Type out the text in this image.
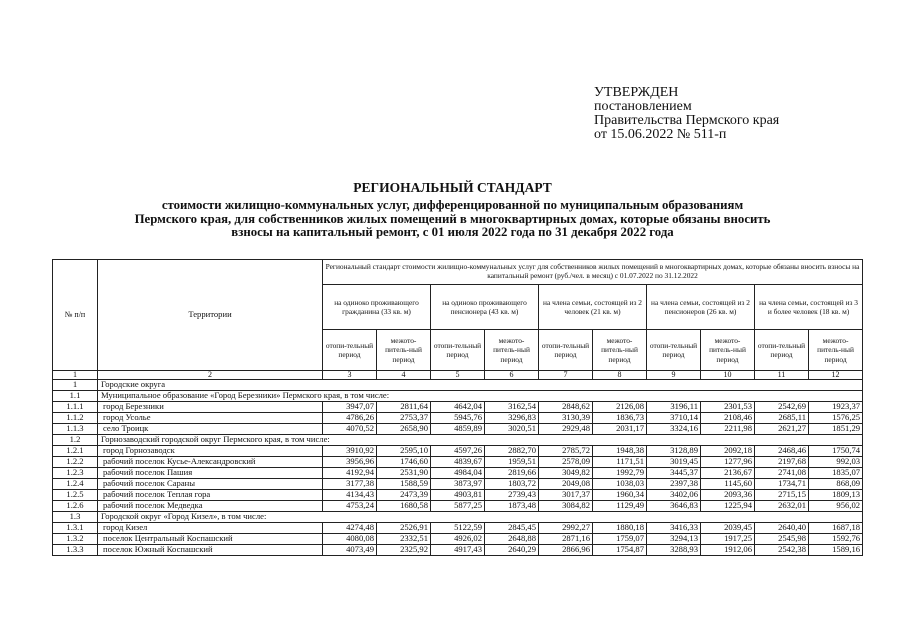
УТВЕРЖДЕН
постановлением
Правительства Пермского края
от 15.06.2022 № 511-п
РЕГИОНАЛЬНЫЙ СТАНДАРТ
стоимости жилищно-коммунальных услуг, дифференцированной по муниципальным образованиям
Пермского края, для собственников жилых помещений в многоквартирных домах, которые обязаны вносить
взносы на капитальный ремонт, с 01 июля 2022 года по 31 декабря 2022 года
№ п/п	Территории	Региональный стандарт стоимости жилищно-коммунальных услуг для собственников жилых помещений в многоквартирных домах, которые обязаны вносить взносы на капитальный ремонт (руб./чел. в месяц) с 01.07.2022 по 31.12.2022									
		на одиноко проживающего гражданина (33 кв. м)		на одиноко проживающего пенсионера (43 кв. м)		на члена семьи, состоящей из 2 человек (21 кв. м)		на члена семьи, состоящей из 2 пенсионеров (26 кв. м)		на члена семьи, состоящей из 3 и более человек (18 кв. м)	
		отопи-тельный период	межото-питель-ный период	отопи-тельный период	межото-питель-ный период	отопи-тельный период	межото-питель-ный период	отопи-тельный период	межото-питель-ный период	отопи-тельный период	межото-питель-ный период
1	2	3	4	5	6	7	8	9	10	11	12
1	Городские округа										
1.1	Муниципальное образование «Город Березники» Пермского края, в том числе:										
1.1.1	город Березники	3947,07	2811,64	4642,04	3162,54	2848,62	2126,08	3196,11	2301,53	2542,69	1923,37
1.1.2	город Усолье	4786,26	2753,37	5945,76	3296,83	3130,39	1836,73	3710,14	2108,46	2685,11	1576,25
1.1.3	село Троицк	4070,52	2658,90	4859,89	3020,51	2929,48	2031,17	3324,16	2211,98	2621,27	1851,29
1.2	Горнозаводский городской округ Пермского края, в том числе:										
1.2.1	город Горнозаводск	3910,92	2595,10	4597,26	2882,70	2785,72	1948,38	3128,89	2092,18	2468,46	1750,74
1.2.2	рабочий поселок Кусье-Александровский	3956,96	1746,60	4839,67	1959,51	2578,09	1171,51	3019,45	1277,96	2197,68	992,03
1.2.3	рабочий поселок Пашия	4192,94	2531,90	4984,04	2819,66	3049,82	1992,79	3445,37	2136,67	2741,08	1835,07
1.2.4	рабочий поселок Сараны	3177,38	1588,59	3873,97	1803,72	2049,08	1038,03	2397,38	1145,60	1734,71	868,09
1.2.5	рабочий поселок Теплая гора	4134,43	2473,39	4903,81	2739,43	3017,37	1960,34	3402,06	2093,36	2715,15	1809,13
1.2.6	рабочий поселок Медведка	4753,24	1680,58	5877,25	1873,48	3084,82	1129,49	3646,83	1225,94	2632,01	956,02
1.3	Городской округ «Город Кизел», в том числе:										
1.3.1	город Кизел	4274,48	2526,91	5122,59	2845,45	2992,27	1880,18	3416,33	2039,45	2640,40	1687,18
1.3.2	поселок Центральный Коспашский	4080,08	2332,51	4926,02	2648,88	2871,16	1759,07	3294,13	1917,25	2545,98	1592,76
1.3.3	поселок Южный Коспашский	4073,49	2325,92	4917,43	2640,29	2866,96	1754,87	3288,93	1912,06	2542,38	1589,16
